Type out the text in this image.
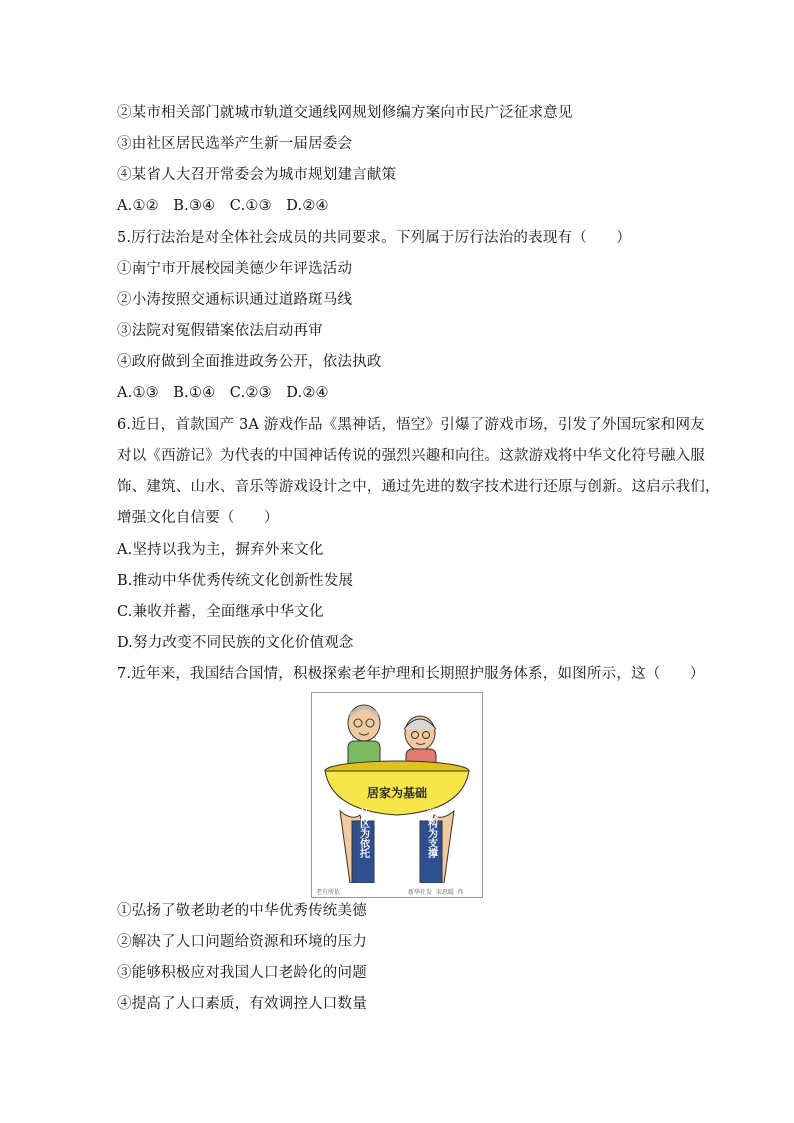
②某市相关部门就城市轨道交通线网规划修编方案向市民广泛征求意见
③由社区居民选举产生新一届居委会
④某省人大召开常委会为城市规划建言献策
A.①②   B.③④   C.①③   D.②④
5.厉行法治是对全体社会成员的共同要求。下列属于厉行法治的表现有（　　）
①南宁市开展校园美德少年评选活动
②小涛按照交通标识通过道路斑马线
③法院对冤假错案依法启动再审
④政府做到全面推进政务公开，依法执政
A.①③   B.①④   C.②③   D.②④
6.近日，首款国产 3A 游戏作品《黑神话，悟空》引爆了游戏市场，引发了外国玩家和网友
对以《西游记》为代表的中国神话传说的强烈兴趣和向往。这款游戏将中华文化符号融入服
饰、建筑、山水、音乐等游戏设计之中，通过先进的数字技术进行还原与创新。这启示我们，
增强文化自信要（　　）
A.坚持以我为主，摒弃外来文化
B.推动中华优秀传统文化创新性发展
C.兼收并蓄，全面继承中华文化
D.努力改变不同民族的文化价值观念
7.近年来，我国结合国情，积极探索老年护理和长期照护服务体系，如图所示，这（　　）
居家为基础
社区为依托	机构为支撑
老有所依	新华社发  宋思聪  作
①弘扬了敬老助老的中华优秀传统美德
②解决了人口问题给资源和环境的压力
③能够积极应对我国人口老龄化的问题
④提高了人口素质，有效调控人口数量
